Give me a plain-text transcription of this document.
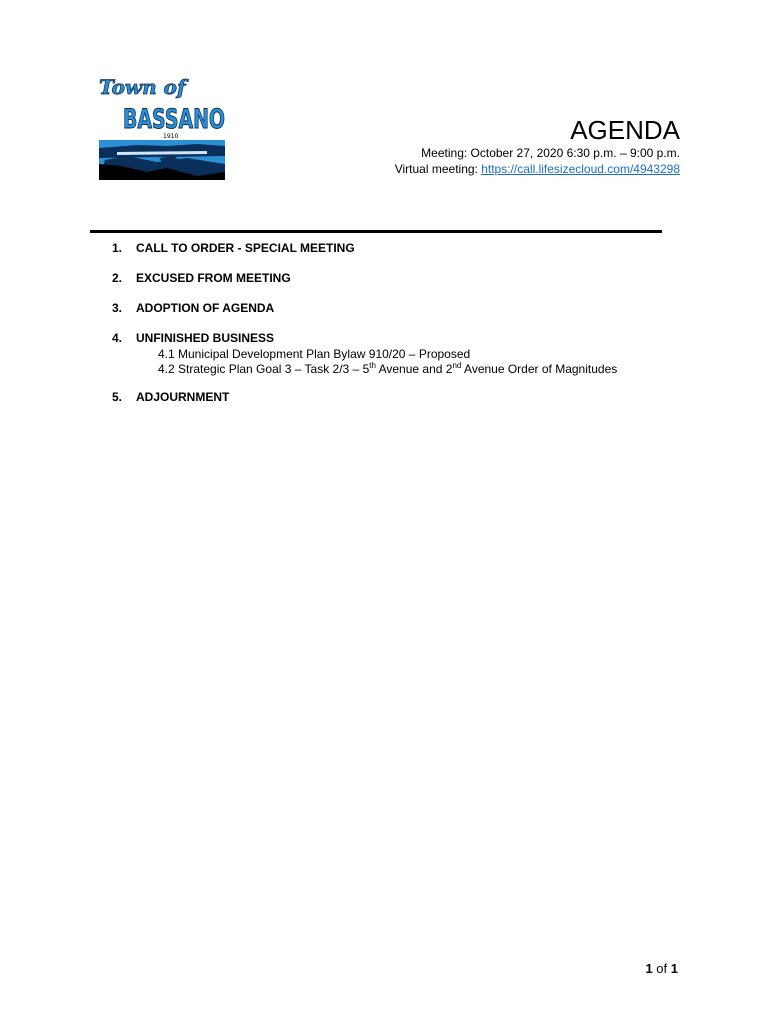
Town of
BASSANO
1910	AGENDA
Meeting: October 27, 2020 6:30 p.m. – 9:00 p.m.
Virtual meeting: https://call.lifesizecloud.com/4943298
1. CALL TO ORDER - SPECIAL MEETING
2. EXCUSED FROM MEETING
3. ADOPTION OF AGENDA
4. UNFINISHED BUSINESS
4.1 Municipal Development Plan Bylaw 910/20 – Proposed
4.2 Strategic Plan Goal 3 – Task 2/3 – 5th Avenue and 2nd Avenue Order of Magnitudes
5. ADJOURNMENT
1 of 1
